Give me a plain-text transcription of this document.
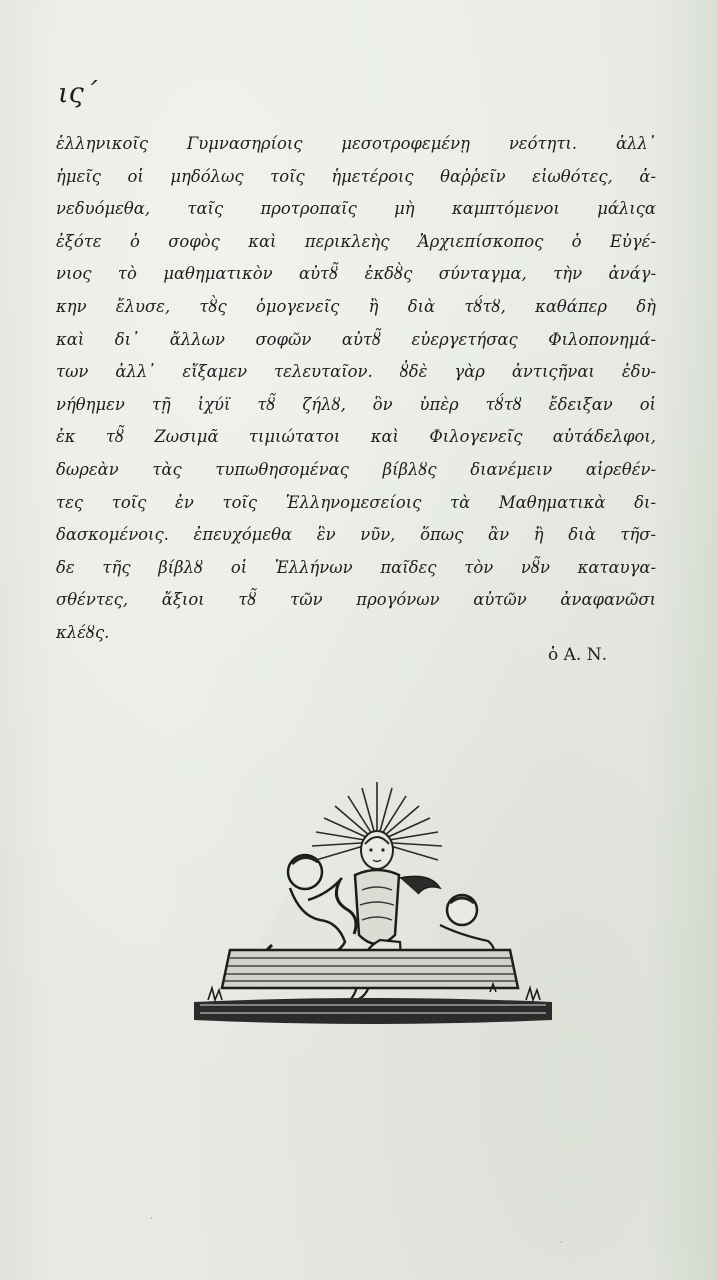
ις΄
ἑλληνικοῖς Γυμνασηρίοις μεσοτροφεμένῃ νεότητι. ἀλλ᾽
ἡμεῖς οἱ μηδόλως τοῖς ἡμετέροις θαῤῥεῖν εἰωθότες, ἀ-
νεδυόμεθα, ταῖς προτροπαῖς μὴ καμπτόμενοι μάλιςα
ἐξότε ὁ σοφὸς καὶ περικλεὴς Ἀρχιεπίσκοπος ὁ Εὐγέ-
νιος τὸ μαθηματικὸν αὐτȣ̃ ἐκδȣ̀ς σύνταγμα, τὴν ἀνάγ-
κην ἔλυσε, τȣ̀ς ὁμογενεῖς ἢ διὰ τȣ́τȣ, καθάπερ δὴ
καὶ δι᾽ ἄλλων σοφῶν αὐτȣ̃ εὐεργετήσας Φιλοπονημά-
των ἀλλ᾽ εἴξαμεν τελευταῖον. ȣ̓δὲ γὰρ ἀντιςῆναι ἐδυ-
νήθημεν τῇ ἰχύϊ τȣ̃ ζήλȣ, ὃν ὑπὲρ τȣ́τȣ ἔδειξαν οἱ
ἐκ τȣ̃ Ζωσιμᾶ τιμιώτατοι καὶ Φιλογενεῖς αὐτάδελφοι,
δωρεὰν τὰς τυπωθησομένας βίβλȣς διανέμειν αἱρεθέν-
τες τοῖς ἐν τοῖς Ἑλληνομεσείοις τὰ Μαθηματικὰ δι-
δασκομένοις. ἐπευχόμεθα ἓν νῦν, ὅπως ἂν ἢ διὰ τῆσ-
δε τῆς βίβλȣ οἱ Ἑλλήνων παῖδες τὸν νȣ̃ν καταυγα-
σθέντες, ἄξιοι τȣ̃ τῶν προγόνων αὐτῶν ἀναφανῶσι
κλέȣς.
ὁ Α. Ν.
·
·
